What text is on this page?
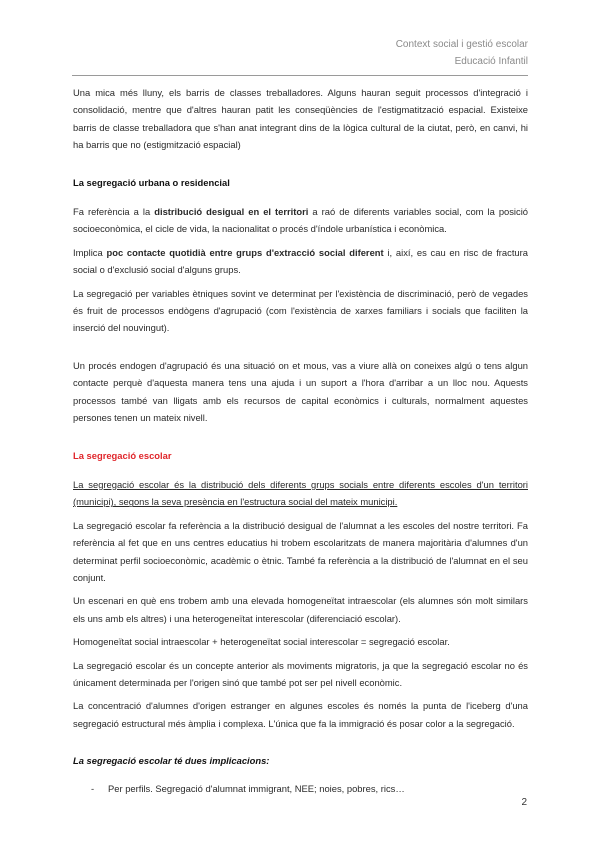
Context social i gestió escolar
Educació Infantil

Una mica més lluny, els barris de classes treballadores. Alguns hauran seguit processos d'integració i consolidació, mentre que d'altres hauran patit les conseqüències de l'estigmatització espacial. Existeixe barris de classe treballadora que s'han anat integrant dins de la lògica cultural de la ciutat, però, en canvi, hi ha barris que no (estigmització espacial)

La segregació urbana o residencial

Fa referència a la distribució desigual en el territori a raó de diferents variables social, com la posició socioeconòmica, el cicle de vida, la nacionalitat o procés d'índole urbanística i econòmica.

Implica poc contacte quotidià entre grups d'extracció social diferent i, així, es cau en risc de fractura social o d'exclusió social d'alguns grups.

La segregació per variables ètniques sovint ve determinat per l'existència de discriminació, però de vegades és fruit de processos endògens d'agrupació (com l'existència de xarxes familiars i socials que faciliten la inserció del nouvingut).

Un procés endogen d'agrupació és una situació on et mous, vas a viure allà on coneixes algú o tens algun contacte perquè d'aquesta manera tens una ajuda i un suport a l'hora d'arribar a un lloc nou. Aquests processos també van lligats amb els recursos de capital econòmics i culturals, normalment aquestes persones tenen un mateix nivell.

La segregació escolar

La segregació escolar és la distribució dels diferents grups socials entre diferents escoles d'un territori (municipi), segons la seva presència en l'estructura social del mateix municipi.

La segregació escolar fa referència a la distribució desigual de l'alumnat a les escoles del nostre territori. Fa referència al fet que en uns centres educatius hi trobem escolaritzats de manera majoritària d'alumnes d'un determinat perfil socioeconòmic, acadèmic o ètnic. També fa referència a la distribució de l'alumnat en el seu conjunt.

Un escenari en què ens trobem amb una elevada homogeneïtat intraescolar (els alumnes són molt similars els uns amb els altres) i una heterogeneïtat interescolar (diferenciació escolar).

Homogeneïtat social intraescolar + heterogeneïtat social interescolar = segregació escolar.

La segregació escolar és un concepte anterior als moviments migratoris, ja que la segregació escolar no és únicament determinada per l'origen sinó que també pot ser pel nivell econòmic.

La concentració d'alumnes d'origen estranger en algunes escoles és només la punta de l'iceberg d'una segregació estructural més àmplia i complexa. L'única que fa la immigració és posar color a la segregació.

La segregació escolar té dues implicacions:

-	Per perfils. Segregació d'alumnat immigrant, NEE; noies, pobres, rics…
2
